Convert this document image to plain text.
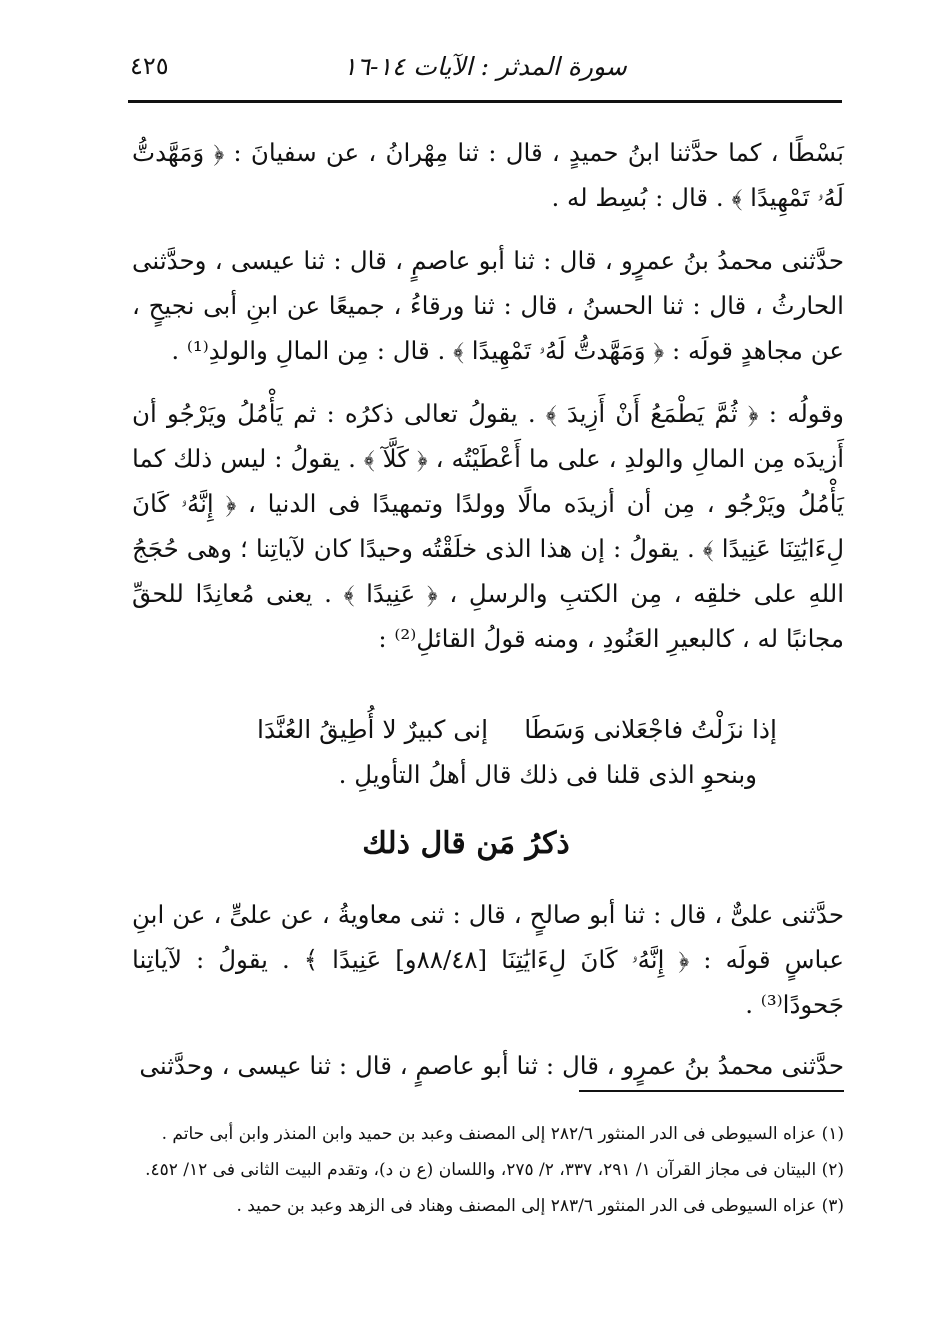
سورة المدثر : الآيات ١٤-١٦
٤٢٥

بَسْطًا ، كما حدَّثنا ابنُ حميدٍ ، قال : ثنا مِهْرانُ ، عن سفيانَ : ﴿ وَمَهَّدتُّ لَهُۥ تَمْهِيدًا ﴾ . قال : بُسِط له .

حدَّثنى محمدُ بنُ عمرٍو ، قال : ثنا أبو عاصمٍ ، قال : ثنا عيسى ، وحدَّثنى الحارثُ ، قال : ثنا الحسنُ ، قال : ثنا ورقاءُ ، جميعًا عن ابنِ أبى نجيحٍ ، عن مجاهدٍ قولَه : ﴿ وَمَهَّدتُّ لَهُۥ تَمْهِيدًا ﴾ . قال : مِن المالِ والولدِ⁽¹⁾ .

وقولُه : ﴿ ثُمَّ يَطْمَعُ أَنْ أَزِيدَ ﴾ . يقولُ تعالى ذكرُه : ثم يَأْمُلُ ويَرْجُو أن أَزيدَه مِن المالِ والولدِ ، على ما أَعْطَيْتُه ، ﴿ كَلَّآ ﴾ . يقولُ : ليس ذلك كما يَأْمُلُ ويَرْجُو ، مِن أن أزيدَه مالًا وولدًا وتمهيدًا فى الدنيا ، ﴿ إِنَّهُۥ كَانَ لِءَايَٰتِنَا عَنِيدًا ﴾ . يقولُ : إن هذا الذى خلَقْتُه وحيدًا كان لآياتِنا ؛ وهى حُجَجُ اللهِ على خلقِه ، مِن الكتبِ والرسلِ ، ﴿ عَنِيدًا ﴾ . يعنى مُعانِدًا للحقِّ مجانبًا له ، كالبعيرِ العَنُودِ ، ومنه قولُ القائلِ⁽²⁾ :

إذا نزَلْتُ فاجْعَلانى وَسَطَا
إنى كبيرٌ لا أُطِيقُ العُنَّدَا
وبنحوِ الذى قلنا فى ذلك قال أهلُ التأويلِ .
ذكرُ مَن قال ذلك

حدَّثنى علىٌّ ، قال : ثنا أبو صالحٍ ، قال : ثنى معاويةُ ، عن علىٍّ ، عن ابنِ عباسٍ قولَه : ﴿ إِنَّهُۥ كَانَ لِءَايَٰتِنَا [٨٨/٤٨و] عَنِيدًا ﴾ . يقولُ : لآياتِنا جَحودًا⁽³⁾ .

حدَّثنى محمدُ بنُ عمرٍو ، قال : ثنا أبو عاصمٍ ، قال : ثنا عيسى ، وحدَّثنى

(١) عزاه السيوطى فى الدر المنثور ٢٨٢/٦ إلى المصنف وعبد بن حميد وابن المنذر وابن أبى حاتم .
(٢) البيتان فى مجاز القرآن ١/ ٢٩١، ٣٣٧، ٢/ ٢٧٥، واللسان (ع ن د)، وتقدم البيت الثانى فى ١٢/ ٤٥٢.
(٣) عزاه السيوطى فى الدر المنثور ٢٨٣/٦ إلى المصنف وهناد فى الزهد وعبد بن حميد .
